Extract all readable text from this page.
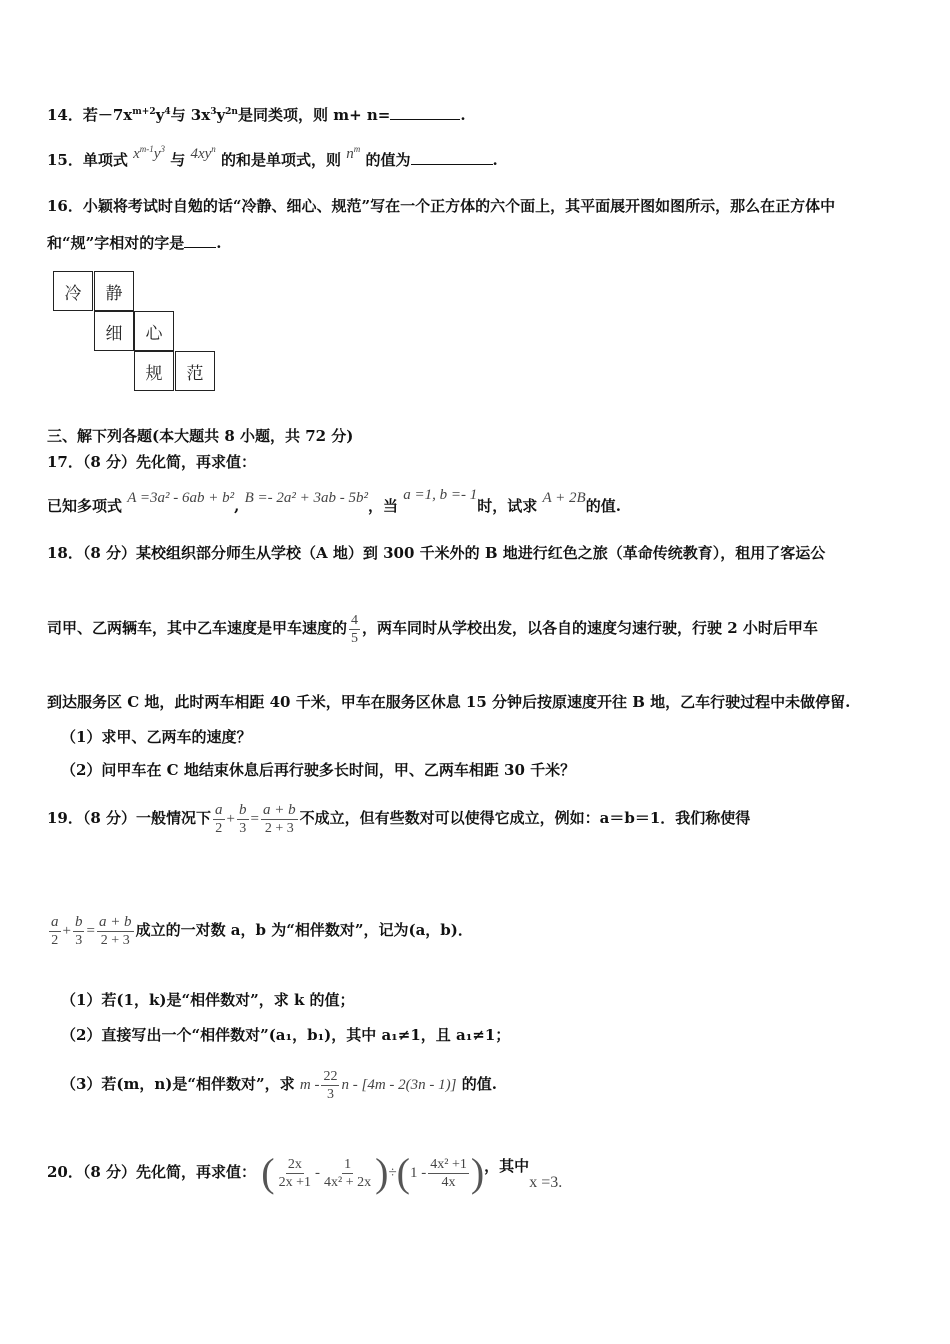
14．若$-7x^{m+2}y^4$与 $3x^3y^{2n}$是同类项，则 m+ n=	.
15．单项式 $x^{m-1}y^3$ 与 $4xy^n$ 的和是单项式，则 $n^m$ 的值为	.
16．小颖将考试时自勉的话“冷静、细心、规范”写在一个正方体的六个面上，其平面展开图如图所示，那么在正方体中
和“规”字相对的字是 .
冷	静
细	心
规	范
三、解下列各题(本大题共 8 小题，共 72 分)
17．（8 分）先化简，再求值：
已知多项式 A =3a² - 6ab + b², B =- 2a² + 3ab - 5b²，当 a =1, b =- 1时，试求 A + 2B的值.
18．（8 分）某校组织部分师生从学校（A 地）到 300 千米外的 B 地进行红色之旅（革命传统教育），租用了客运公
司甲、乙两辆车，其中乙车速度是甲车速度的 $\frac{4}{5}$ ，两车同时从学校出发，以各自的速度匀速行驶，行驶 2 小时后甲车
到达服务区 C 地，此时两车相距 40 千米，甲车在服务区休息 15 分钟后按原速度开往 B 地，乙车行驶过程中未做停留.
（1）求甲、乙两车的速度？
（2）问甲车在 C 地结束休息后再行驶多长时间，甲、乙两车相距 30 千米？
19．（8 分）一般情况下 $\frac{a}{2} + \frac{b}{3} = \frac{a + b}{2 + 3}$ 不成立，但有些数对可以使得它成立，例如：a＝b＝1．我们称使得
$\frac{a}{2} + \frac{b}{3} = \frac{a + b}{2 + 3}$ 成立的一对数 a，b 为“相伴数对”，记为(a，b)．
（1）若(1，k)是“相伴数对”，求 k 的值；
（2）直接写出一个“相伴数对”(a₁，b₁)，其中 a₁≠1，且 a₁≠1；
（3）若(m，n)是“相伴数对”，求 m - $\frac{22}{3}$ n - [4m - 2(3n - 1)] 的值.
20．（8 分）先化简，再求值： ( $\frac{2x}{2x +1} - \frac{1}{\text{4x² + 2x}} )\div(1 - \frac{\text{4x² +1}}{4x}$ )，其中x =3.
